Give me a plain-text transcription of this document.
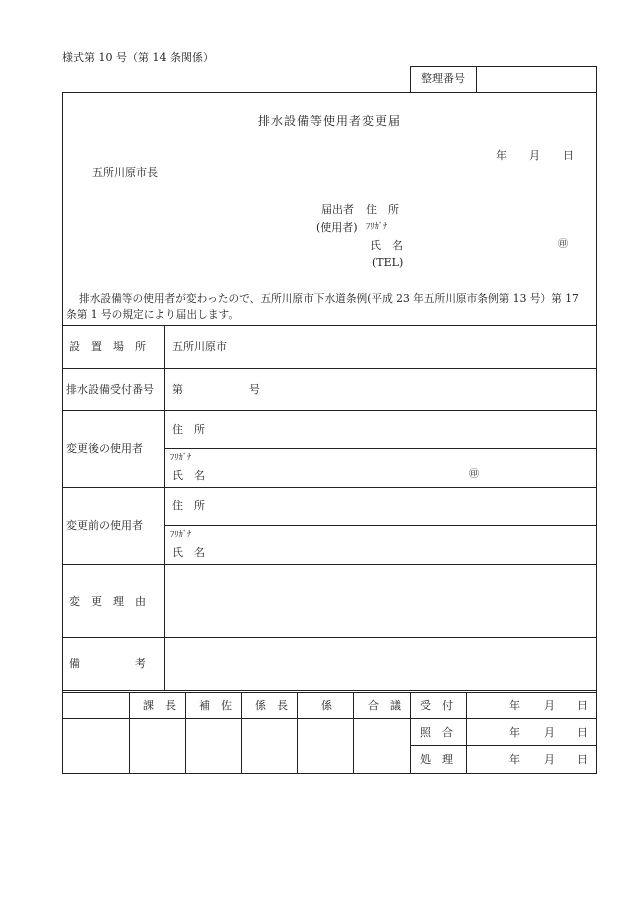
様式第 10 号（第 14 条関係）
整理番号
排水設備等使用者変更届
年 月 日
五所川原市長
届出者 住　所
(使用者) ﾌﾘｶﾞﾅ
氏　名	㊞
(TEL)
排水設備等の使用者が変わったので、五所川原市下水道条例(平成 23 年五所川原市条例第 13 号）第 17
条第 1 号の規定により届出します。
設　置　場　所 五所川原市
排水設備受付番号 第	号
変更後の使用者
住　所
ﾌﾘｶﾞﾅ
氏　名	㊞
変更前の使用者
住　所
ﾌﾘｶﾞﾅ
氏　名
変　更　理　由
備　　　　　考
課　長 補　佐 係　長	係	合　議 受　付	年 月 日
照　合	年 月 日
処　理	年 月 日
